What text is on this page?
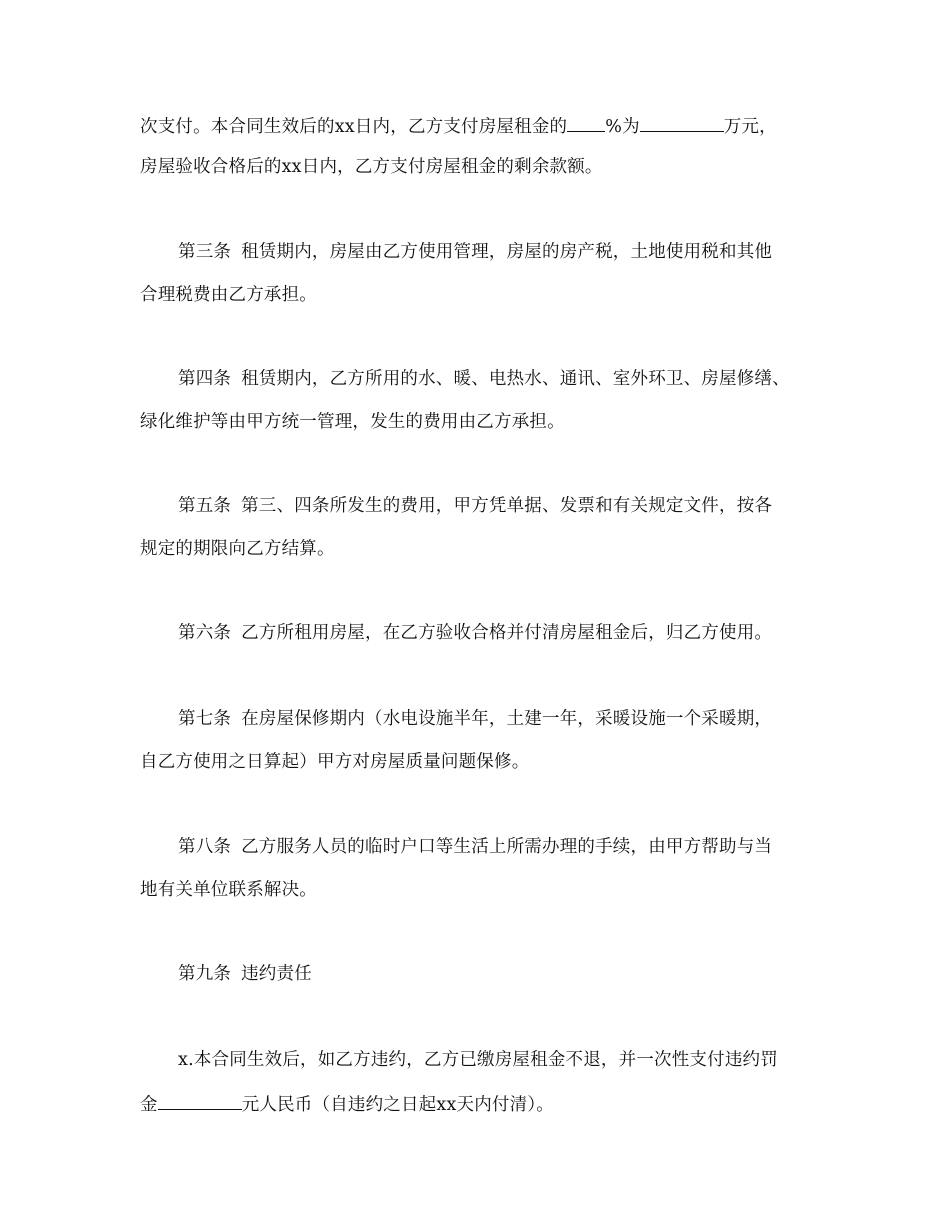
次支付。本合同生效后的xx日内，乙方支付房屋租金的 %为	万元，
房屋验收合格后的xx日内，乙方支付房屋租金的剩余款额。
第三条 租赁期内，房屋由乙方使用管理，房屋的房产税，土地使用税和其他
合理税费由乙方承担。
第四条 租赁期内，乙方所用的水、暖、电热水、通讯、室外环卫、房屋修缮、
绿化维护等由甲方统一管理，发生的费用由乙方承担。
第五条 第三、四条所发生的费用，甲方凭单据、发票和有关规定文件，按各
规定的期限向乙方结算。
第六条 乙方所租用房屋，在乙方验收合格并付清房屋租金后，归乙方使用。
第七条 在房屋保修期内（水电设施半年，土建一年，采暖设施一个采暖期，
自乙方使用之日算起）甲方对房屋质量问题保修。
第八条 乙方服务人员的临时户口等生活上所需办理的手续，由甲方帮助与当
地有关单位联系解决。
第九条 违约责任
x.本合同生效后，如乙方违约，乙方已缴房屋租金不退，并一次性支付违约罚
金	元人民币（自违约之日起xx天内付清）。
